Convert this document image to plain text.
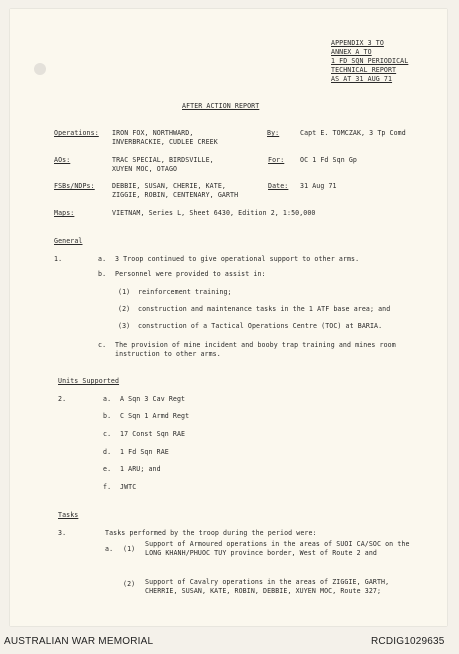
APPENDIX 3 TO
ANNEX A TO
1 FD SQN PERIODICAL
TECHNICAL REPORT
AS AT 31 AUG 71
AFTER ACTION REPORT
Operations: IRON FOX, NORTHWARD,
INVERBRACKIE, CUDLEE CREEK
By:	Capt E. TOMCZAK, 3 Tp Comd
AOs:	TRAC SPECIAL, BIRDSVILLE,
XUYEN MOC, OTAGO
For: OC 1 Fd Sqn Gp
FSBs/NDPs:	DEBBIE, SUSAN, CHERIE, KATE,
ZIGGIE, ROBIN, CENTENARY, GARTH
Date: 31 Aug 71
Maps:	VIETNAM, Series L, Sheet 6430, Edition 2, 1:50,000
General
1.	a. 3 Troop continued to give operational support to other arms.
b. Personnel were provided to assist in:
(1) reinforcement training;
(2) construction and maintenance tasks in the 1 ATF base area; and
(3) construction of a Tactical Operations Centre (TOC) at BARIA.
c. The provision of mine incident and booby trap training and mines room
instruction to other arms.
Units Supported
2.	a. A Sqn 3 Cav Regt
b. C Sqn 1 Armd Regt
c. 17 Const Sqn RAE
d. 1 Fd Sqn RAE
e. 1 ARU; and
f. JWTC
Tasks
3.	Tasks performed by the troop during the period were:
a. (1)
Support of Armoured operations in the areas of SUOI CA/SOC on the
LONG KHANH/PHUOC TUY province border, West of Route 2 and
(2) Support of Cavalry operations in the areas of ZIGGIE, GARTH,
CHERRIE, SUSAN, KATE, ROBIN, DEBBIE, XUYEN MOC, Route 327;
AUSTRALIAN WAR MEMORIAL	RCDIG1029635
